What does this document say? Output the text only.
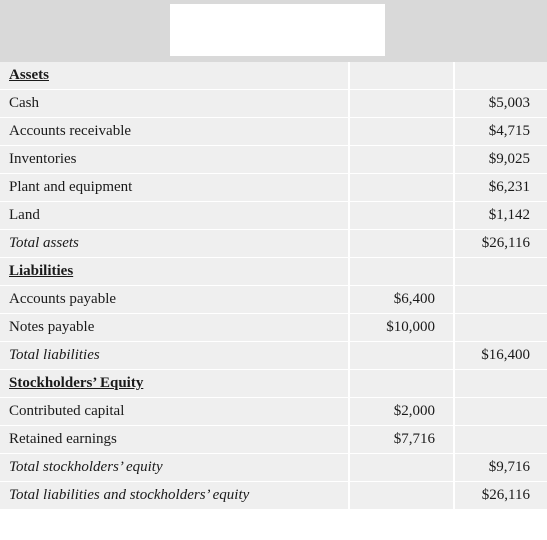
Assets		
Cash		$5,003
Accounts receivable		$4,715
Inventories		$9,025
Plant and equipment		$6,231
Land		$1,142
Total assets		$26,116
Liabilities		
Accounts payable	$6,400	
Notes payable	$10,000	
Total liabilities		$16,400
Stockholders’ Equity		
Contributed capital	$2,000	
Retained earnings	$7,716	
Total stockholders’ equity		$9,716
Total liabilities and stockholders’ equity		$26,116
